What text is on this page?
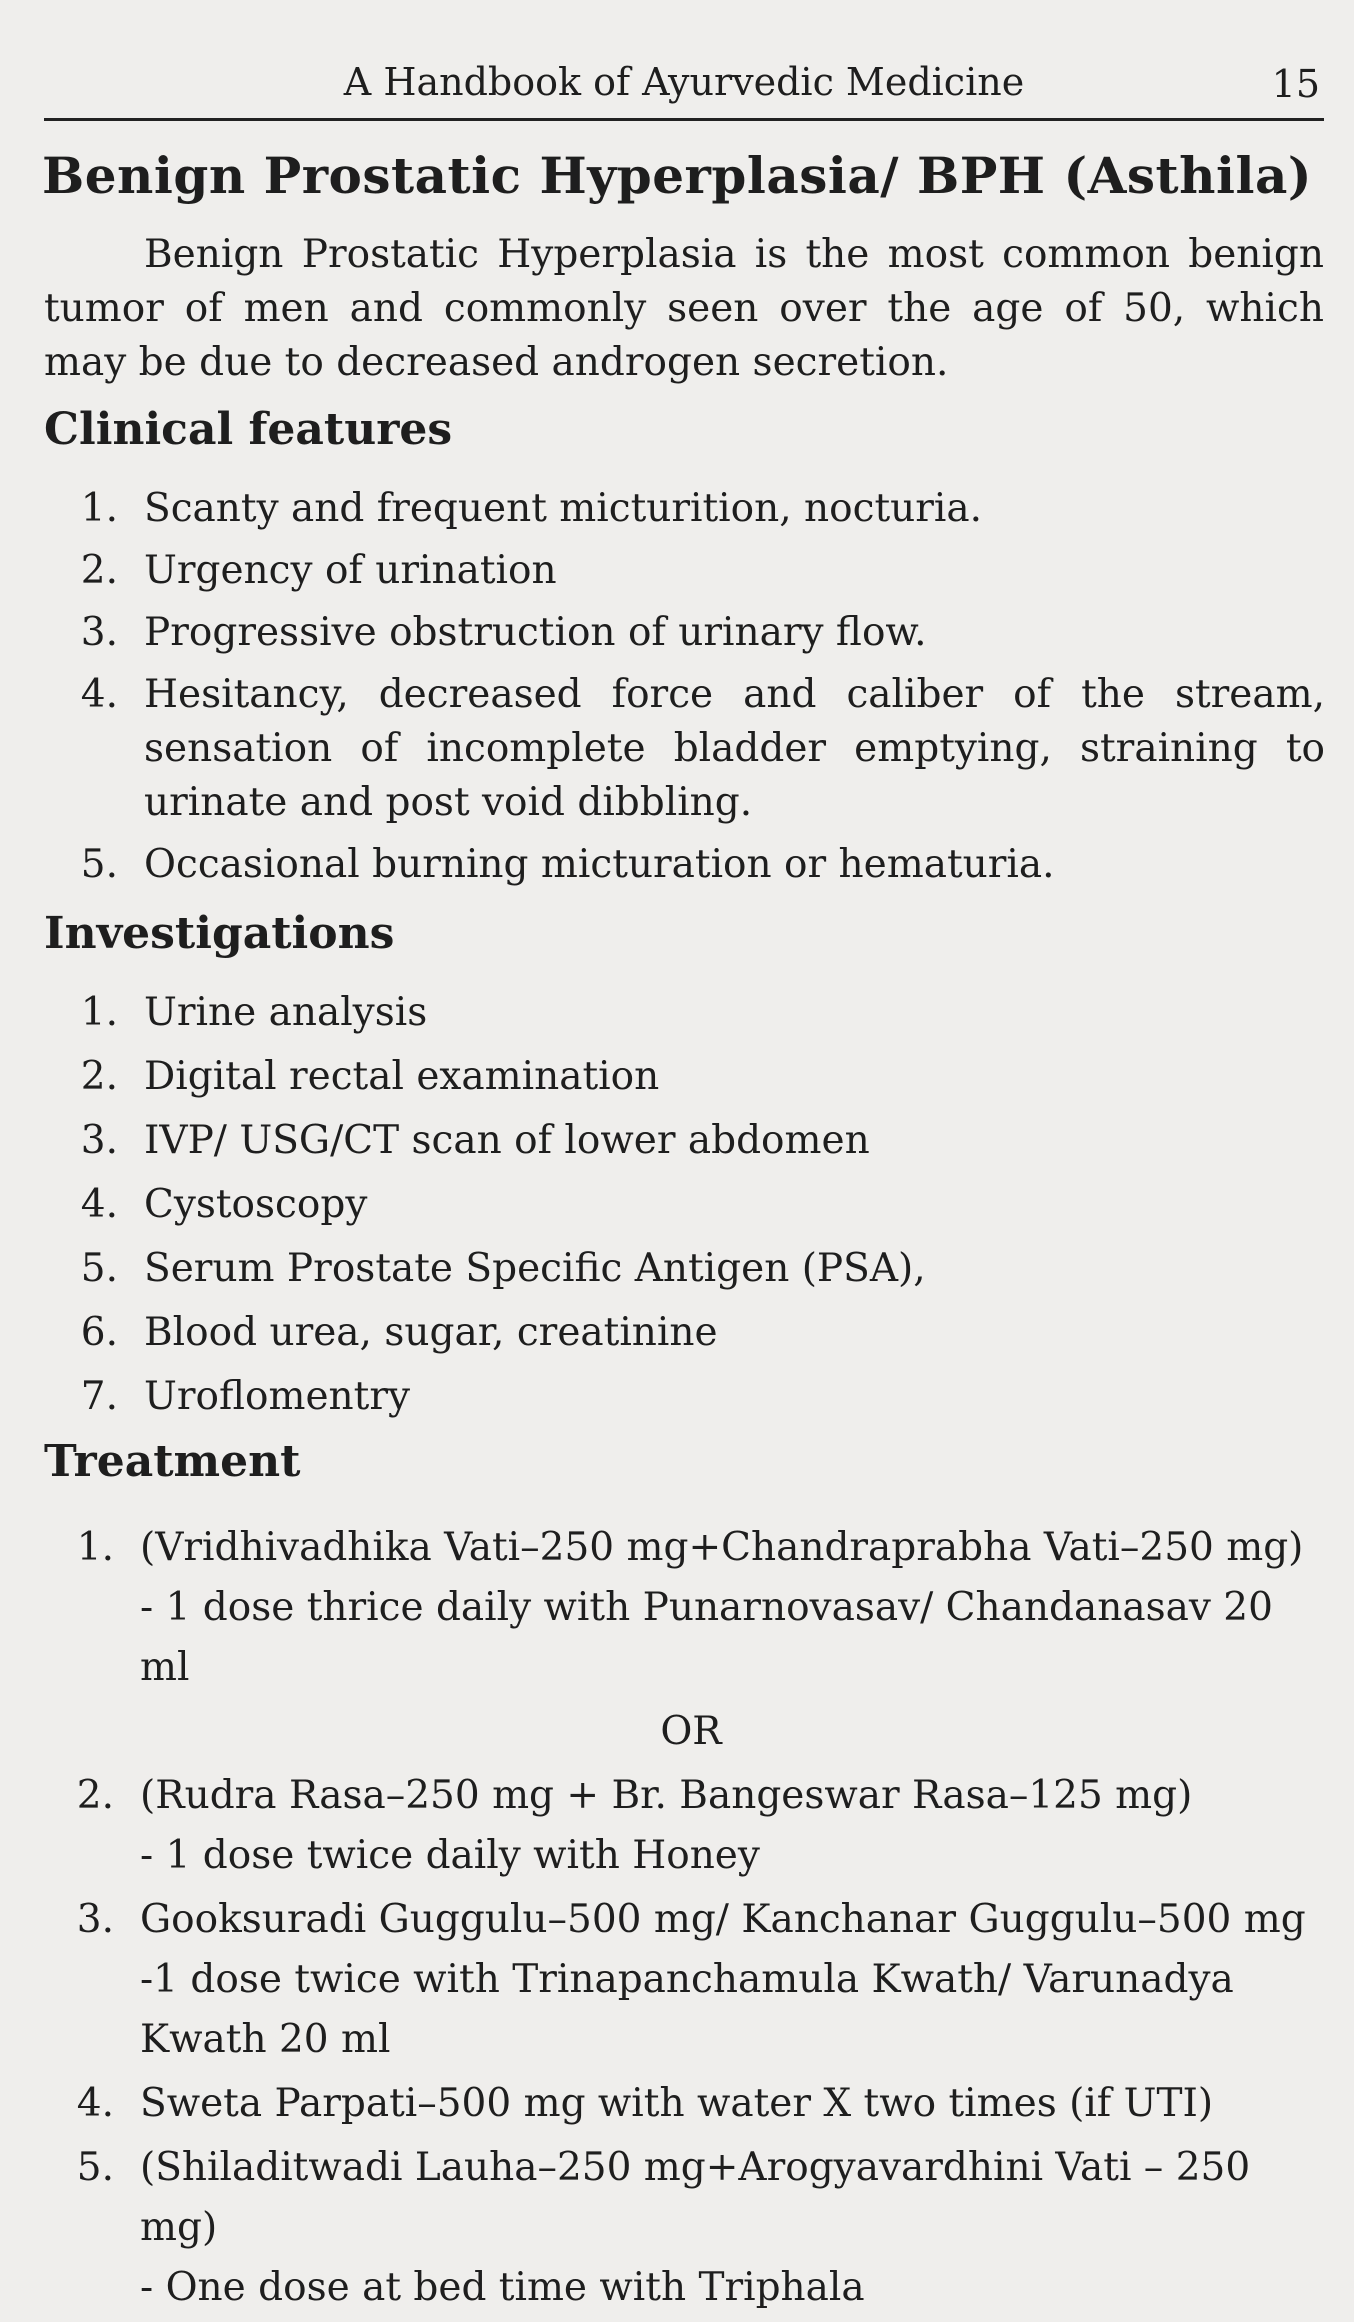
A Handbook of Ayurvedic Medicine	15
Benign Prostatic Hyperplasia/ BPH (Asthila)

Benign Prostatic Hyperplasia is the most common benign tumor of men and commonly seen over the age of 50, which may be due to decreased androgen secretion.

Clinical features
1. Scanty and frequent micturition, nocturia.
2. Urgency of urination
3. Progressive obstruction of urinary flow.
4. Hesitancy, decreased force and caliber of the stream, sensation of incomplete bladder emptying, straining to urinate and post void dibbling.
5. Occasional burning micturation or hematuria.
Investigations
1. Urine analysis
2. Digital rectal examination
3. IVP/ USG/CT scan of lower abdomen
4. Cystoscopy
5. Serum Prostate Specific Antigen (PSA),
6. Blood urea, sugar, creatinine
7. Uroflomentry
Treatment
1. (Vridhivadhika Vati–250 mg+Chandraprabha Vati–250 mg)
- 1 dose thrice daily with Punarnovasav/ Chandanasav 20 ml
OR
2. (Rudra Rasa–250 mg + Br. Bangeswar Rasa–125 mg)
- 1 dose twice daily with Honey
3. Gooksuradi Guggulu–500 mg/ Kanchanar Guggulu–500 mg
-1 dose twice with Trinapanchamula Kwath/ Varunadya Kwath 20 ml
4. Sweta Parpati–500 mg with water X two times (if UTI)
5. (Shiladitwadi Lauha–250 mg+Arogyavardhini Vati – 250 mg)
- One dose at bed time with Triphala
